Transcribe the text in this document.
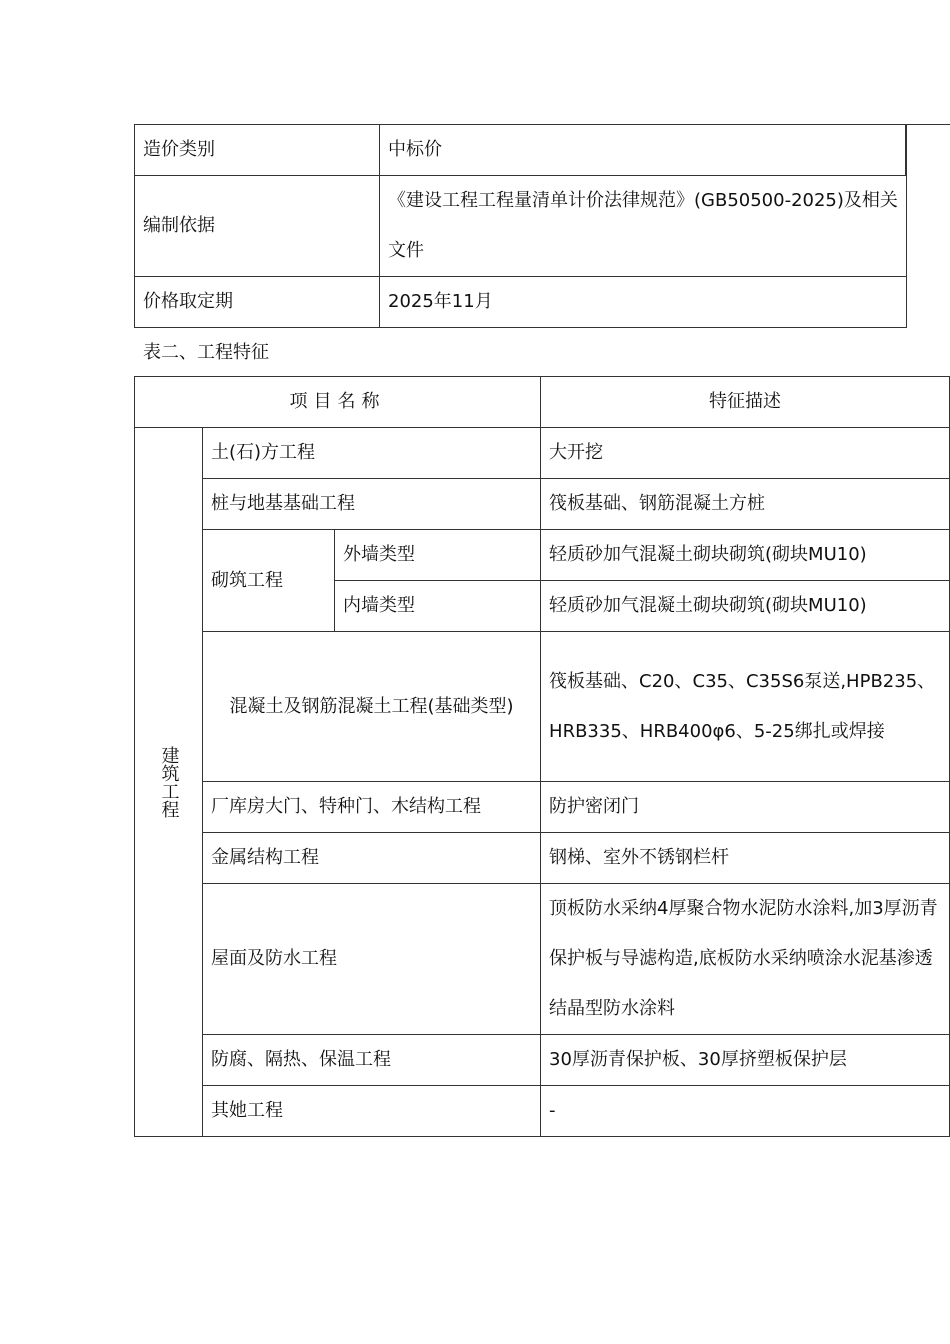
造价类别	中标价
编制依据	《建设工程工程量清单计价法律规范》(GB50500-2025)及相关文件
价格取定期	2025年11月
表二、工程特征
项目名称			特征描述
建筑工程	土(石)方工程		大开挖
	桩与地基基础工程		筏板基础、钢筋混凝土方桩
	砌筑工程	外墙类型	轻质砂加气混凝土砌块砌筑(砌块MU10)
		内墙类型	轻质砂加气混凝土砌块砌筑(砌块MU10)
	混凝土及钢筋混凝土工程(基础类型)		筏板基础、C20、C35、C35S6泵送,HPB235、HRB335、HRB400φ6、5-25绑扎或焊接
	厂库房大门、特种门、木结构工程		防护密闭门
	金属结构工程		钢梯、室外不锈钢栏杆
	屋面及防水工程		顶板防水采纳4厚聚合物水泥防水涂料,加3厚沥青保护板与导滤构造,底板防水采纳喷涂水泥基渗透结晶型防水涂料
	防腐、隔热、保温工程		30厚沥青保护板、30厚挤塑板保护层
	其她工程		-
